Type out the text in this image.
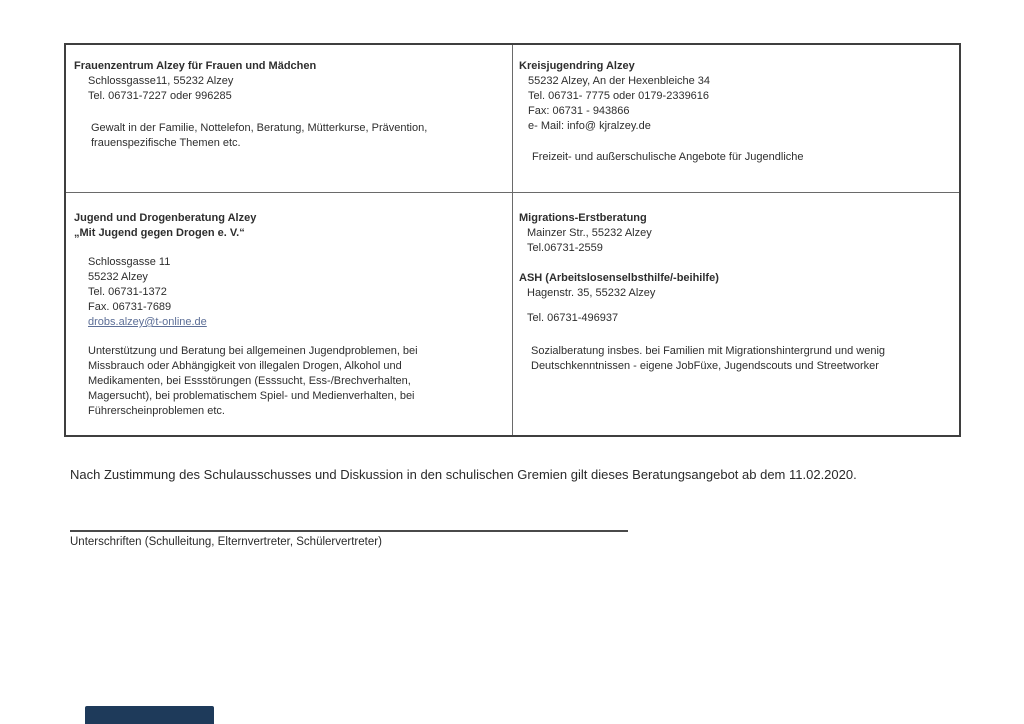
Frauenzentrum Alzey für Frauen und Mädchen
Schlossgasse11, 55232 Alzey
Tel. 06731-7227 oder 996285
Gewalt in der Familie, Nottelefon, Beratung, Mütterkurse, Prävention,
frauenspezifische Themen etc.
Kreisjugendring Alzey
55232 Alzey, An der Hexenbleiche 34
Tel. 06731- 7775 oder 0179-2339616
Fax: 06731 - 943866
e- Mail: info@ kjralzey.de
Freizeit- und außerschulische Angebote für Jugendliche
Jugend und Drogenberatung Alzey
„Mit Jugend gegen Drogen e. V.“
Schlossgasse 11
55232 Alzey
Tel. 06731-1372
Fax. 06731-7689
drobs.alzey@t-online.de
Unterstützung und Beratung bei allgemeinen Jugendproblemen, bei
Missbrauch oder Abhängigkeit von illegalen Drogen, Alkohol und
Medikamenten, bei Essstörungen (Esssucht, Ess-/Brechverhalten,
Magersucht), bei problematischem Spiel- und Medienverhalten, bei
Führerscheinproblemen etc.
Migrations-Erstberatung
Mainzer Str., 55232 Alzey
Tel.06731-2559
ASH (Arbeitslosenselbsthilfe/-beihilfe)
Hagenstr. 35, 55232 Alzey
Tel. 06731-496937
Sozialberatung insbes. bei Familien mit Migrationshintergrund und wenig
Deutschkenntnissen - eigene JobFüxe, Jugendscouts und Streetworker
Nach Zustimmung des Schulausschusses und Diskussion in den schulischen Gremien gilt dieses Beratungsangebot ab dem 11.02.2020.
Unterschriften (Schulleitung, Elternvertreter, Schülervertreter)
